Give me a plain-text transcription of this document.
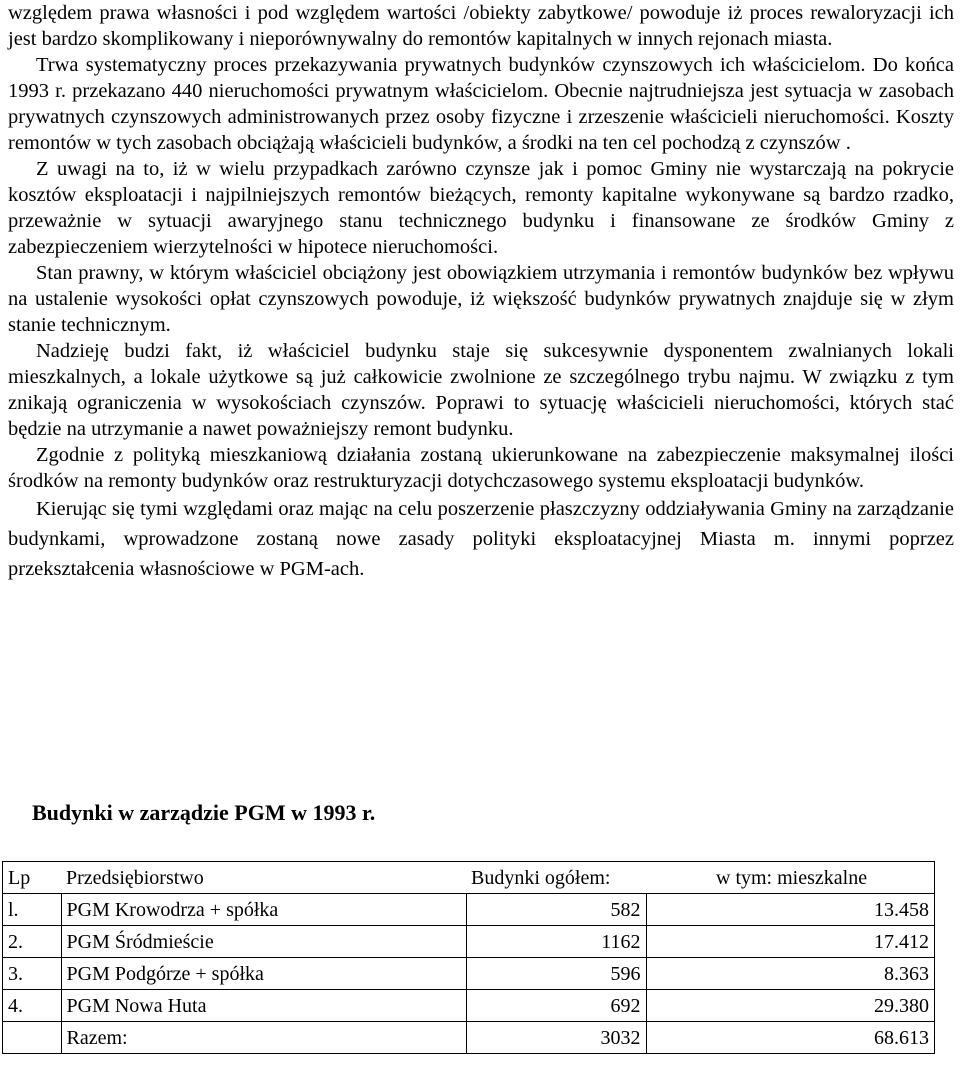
względem prawa własności i pod względem wartości /obiekty zabytkowe/ powoduje iż proces rewaloryzacji ich jest bardzo skomplikowany i nieporównywalny do remontów kapitalnych w innych rejonach miasta.

Trwa systematyczny proces przekazywania prywatnych budynków czynszowych ich właścicielom. Do końca 1993 r. przekazano 440 nieruchomości prywatnym właścicielom. Obecnie najtrudniejsza jest sytuacja w zasobach prywatnych czynszowych administrowanych przez osoby fizyczne i zrzeszenie właścicieli nieruchomości. Koszty remontów w tych zasobach obciążają właścicieli budynków, a środki na ten cel pochodzą z czynszów .

Z uwagi na to, iż w wielu przypadkach zarówno czynsze jak i pomoc Gminy nie wystarczają na pokrycie kosztów eksploatacji i najpilniejszych remontów bieżących, remonty kapitalne wykonywane są bardzo rzadko, przeważnie w sytuacji awaryjnego stanu technicznego budynku i finansowane ze środków Gminy z zabezpieczeniem wierzytelności w hipotece nieruchomości.

Stan prawny, w którym właściciel obciążony jest obowiązkiem utrzymania i remontów budynków bez wpływu na ustalenie wysokości opłat czynszowych powoduje, iż większość budynków prywatnych znajduje się w złym stanie technicznym.

Nadzieję budzi fakt, iż właściciel budynku staje się sukcesywnie dysponentem zwalnianych lokali mieszkalnych, a lokale użytkowe są już całkowicie zwolnione ze szczególnego trybu najmu. W związku z tym znikają ograniczenia w wysokościach czynszów. Poprawi to sytuację właścicieli nieruchomości, których stać będzie na utrzymanie a nawet poważniejszy remont budynku.

Zgodnie z polityką mieszkaniową działania zostaną ukierunkowane na zabezpieczenie maksymalnej ilości środków na remonty budynków oraz restrukturyzacji dotychczasowego systemu eksploatacji budynków.

Kierując się tymi względami oraz mając na celu poszerzenie płaszczyzny oddziaływania Gminy na zarządzanie budynkami, wprowadzone zostaną nowe zasady polityki eksploatacyjnej Miasta m. innymi poprzez przekształcenia własnościowe w PGM-ach.

Budynki w zarządzie PGM w 1993 r.
Lp	Przedsiębiorstwo	Budynki ogółem:	w tym: mieszkalne
l.	PGM Krowodrza + spółka	582	13.458
2.	PGM Śródmieście	1162	17.412
3.	PGM Podgórze + spółka	596	8.363
4.	PGM Nowa Huta	692	29.380
	Razem:	3032	68.613
